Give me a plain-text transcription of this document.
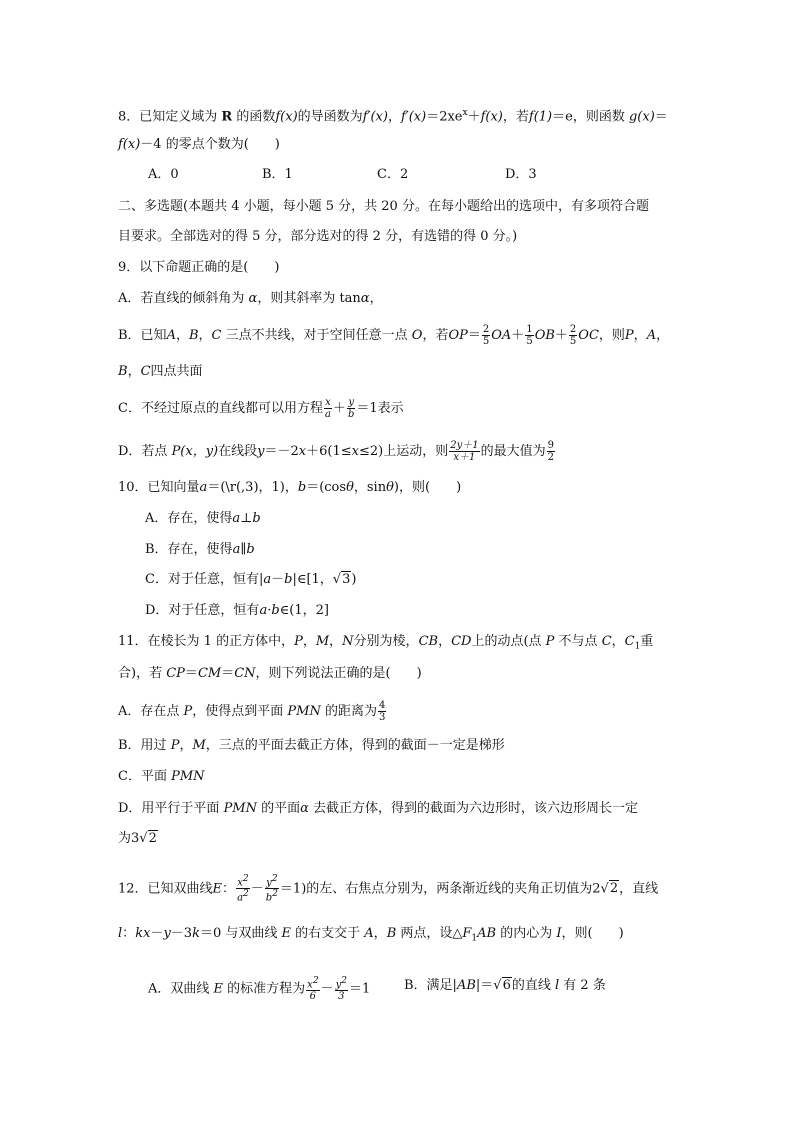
8．已知定义域为 R 的函数f(x)的导函数为f′(x)，$f'(x)=2xe^x+f(x)$，若f(1)＝e，则函数 g(x)＝
f(x)－4 的零点个数为(　　)
A．0	B．1	C．2	D．3
二、多选题(本题共 4 小题，每小题 5 分，共 20 分。在每小题给出的选项中，有多项符合题
目要求。全部选对的得 5 分，部分选对的得 2 分，有选错的得 0 分。)
9．以下命题正确的是(　　)
A．若直线的倾斜角为 α，则其斜率为 tanα，
B．已知A，B，C 三点不共线，对于空间任意一点 O，若$OP= \frac{2}{5} OA+ \frac{1}{5} OB+ \frac{2}{5}$ OC，则P，A，
B，C四点共面
C．不经过原点的直线都可以用方程 $\frac{x}{a} + \frac{y}{b} =1$表示
D．若点 P(x，y)在线段y＝－2x＋6(1≤x≤2)上运动，则 $\frac{2y+1}{x+1}$ 的最大值为 $\frac{9}{2}$
10．已知向量a＝(\r(,3)，1)，b＝(cosθ，sinθ)，则(　　)
A．存在，使得a⊥b
B．存在，使得a∥b
C．对于任意，恒有|a－b|∈[1，√3)
D．对于任意，恒有a·b∈(1，2]
11．在棱长为 1 的正方体中，P，M，N分别为棱，CB，CD上的动点(点 P 不与点 C，$C_1$重
合)，若 CP＝CM＝CN，则下列说法正确的是(　　)
A．存在点 P，使得点到平面 PMN 的距离为 $\frac{4}{3}$
B．用过 P，M，三点的平面去截正方体，得到的截面－一定是梯形
C．平面 PMN
D．用平行于平面 PMN 的平面α 去截正方体，得到的截面为六边形时，该六边形周长一定
为3√2
12．已知双曲线E： $\frac{x2}{a2} - \frac{y2}{b2} =1$)的左、右焦点分别为，两条渐近线的夹角正切值为2√2，直线
l：kx－y－3k＝0 与双曲线 E 的右支交于 A，B 两点，设$\triangle F_1AB$ 的内心为 I，则(　　)
A．双曲线 E 的标准方程为 $\frac{x2}{6} - \frac{y2}{3} =1$	B．满足|AB|＝√6的直线 l 有 2 条
